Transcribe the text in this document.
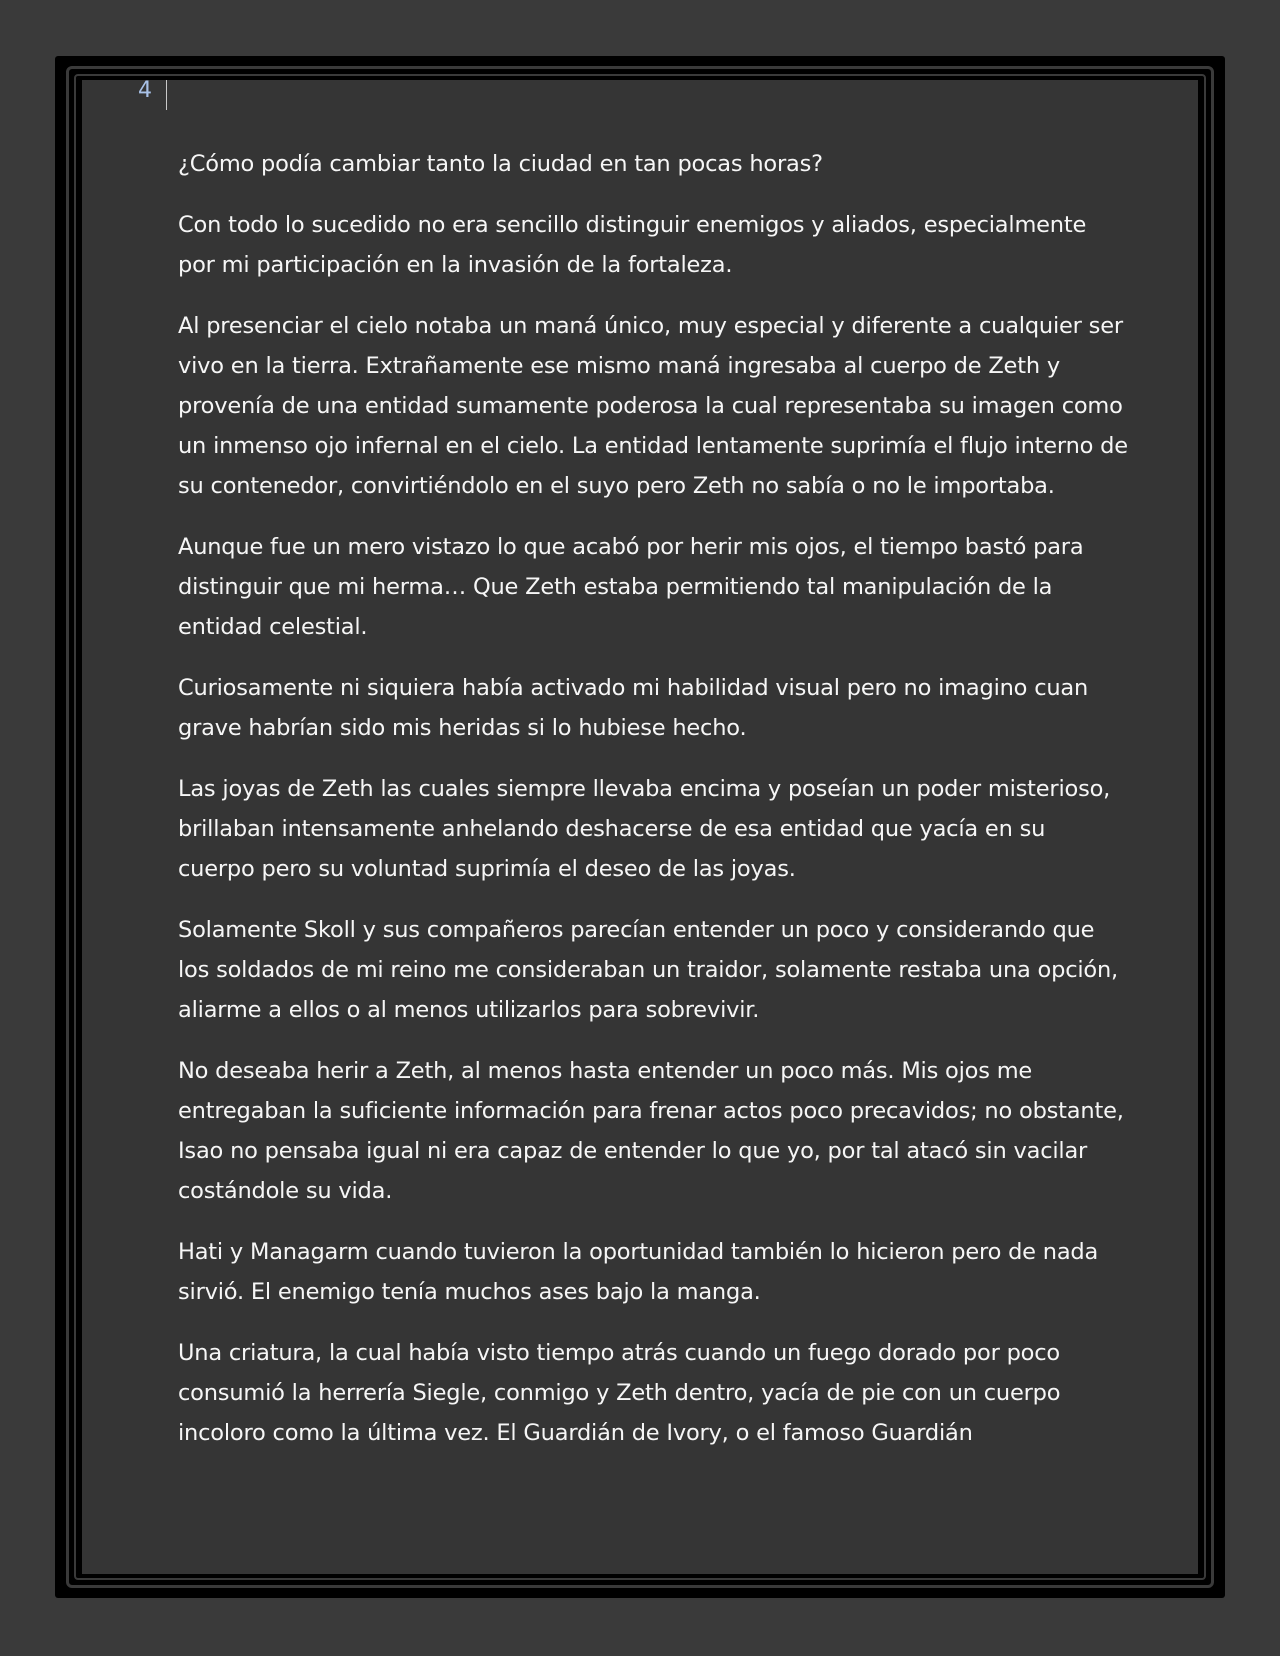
4

¿Cómo podía cambiar tanto la ciudad en tan pocas horas?

Con todo lo sucedido no era sencillo distinguir enemigos y aliados, especialmente por mi participación en la invasión de la fortaleza.

Al presenciar el cielo notaba un maná único, muy especial y diferente a cualquier ser vivo en la tierra. Extrañamente ese mismo maná ingresaba al cuerpo de Zeth y provenía de una entidad sumamente poderosa la cual representaba su imagen como un inmenso ojo infernal en el cielo. La entidad lentamente suprimía el flujo interno de su contenedor, convirtiéndolo en el suyo pero Zeth no sabía o no le importaba.

Aunque fue un mero vistazo lo que acabó por herir mis ojos, el tiempo bastó para distinguir que mi herma… Que Zeth estaba permitiendo tal manipulación de la entidad celestial.

Curiosamente ni siquiera había activado mi habilidad visual pero no imagino cuan grave habrían sido mis heridas si lo hubiese hecho.

Las joyas de Zeth las cuales siempre llevaba encima y poseían un poder misterioso, brillaban intensamente anhelando deshacerse de esa entidad que yacía en su cuerpo pero su voluntad suprimía el deseo de las joyas.

Solamente Skoll y sus compañeros parecían entender un poco y considerando que los soldados de mi reino me consideraban un traidor, solamente restaba una opción, aliarme a ellos o al menos utilizarlos para sobrevivir.

No deseaba herir a Zeth, al menos hasta entender un poco más. Mis ojos me entregaban la suficiente información para frenar actos poco precavidos; no obstante, Isao no pensaba igual ni era capaz de entender lo que yo, por tal atacó sin vacilar costándole su vida.

Hati y Managarm cuando tuvieron la oportunidad también lo hicieron pero de nada sirvió. El enemigo tenía muchos ases bajo la manga.

Una criatura, la cual había visto tiempo atrás cuando un fuego dorado por poco consumió la herrería Siegle, conmigo y Zeth dentro, yacía de pie con un cuerpo incoloro como la última vez. El Guardián de Ivory, o el famoso Guardián
